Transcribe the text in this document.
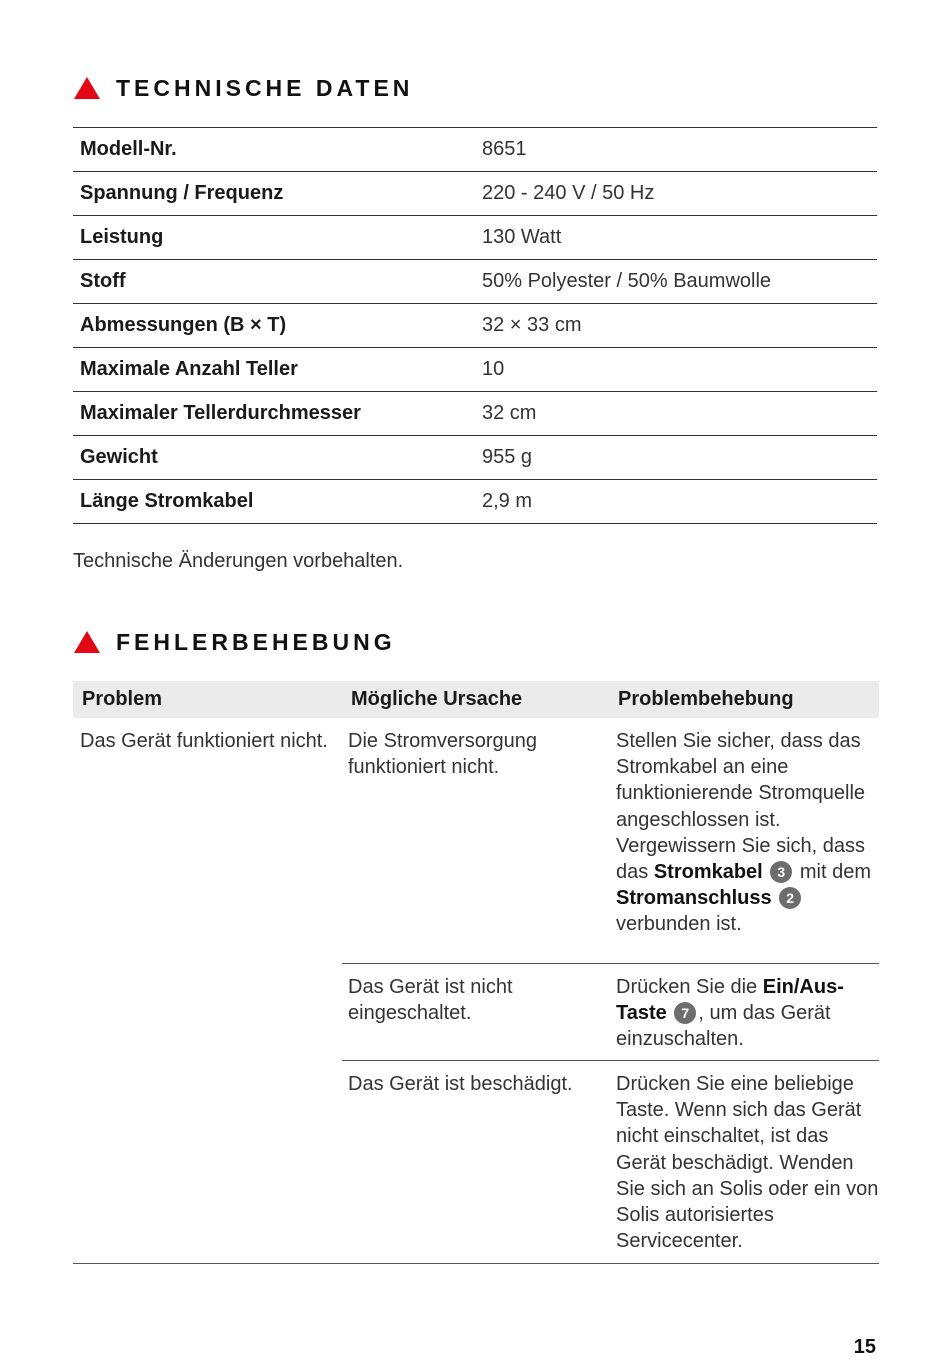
TECHNISCHE DATEN
Modell-Nr.	8651
Spannung / Frequenz	220 - 240 V / 50 Hz
Leistung	130 Watt
Stoff	50% Polyester / 50% Baumwolle
Abmessungen (B × T)	32 × 33 cm
Maximale Anzahl Teller	10
Maximaler Tellerdurchmesser	32 cm
Gewicht	955 g
Länge Stromkabel	2,9 m
Technische Änderungen vorbehalten.
FEHLERBEHEBUNG
Problem	Mögliche Ursache	Problembehebung
Das Gerät funktioniert nicht.	Die Stromversorgung funktioniert nicht.	Stellen Sie sicher, dass das Stromkabel an eine funktionierende Stromquelle angeschlossen ist. Vergewissern Sie sich, dass das Stromkabel 3 mit dem Stromanschluss 2 verbunden ist.
	Das Gerät ist nicht eingeschaltet.	Drücken Sie die Ein/Aus-Taste 7 , um das Gerät einzuschalten.
	Das Gerät ist beschädigt.	Drücken Sie eine beliebige Taste. Wenn sich das Gerät nicht einschaltet, ist das Gerät beschädigt. Wenden Sie sich an Solis oder ein von Solis autorisiertes Servicecenter.
15
